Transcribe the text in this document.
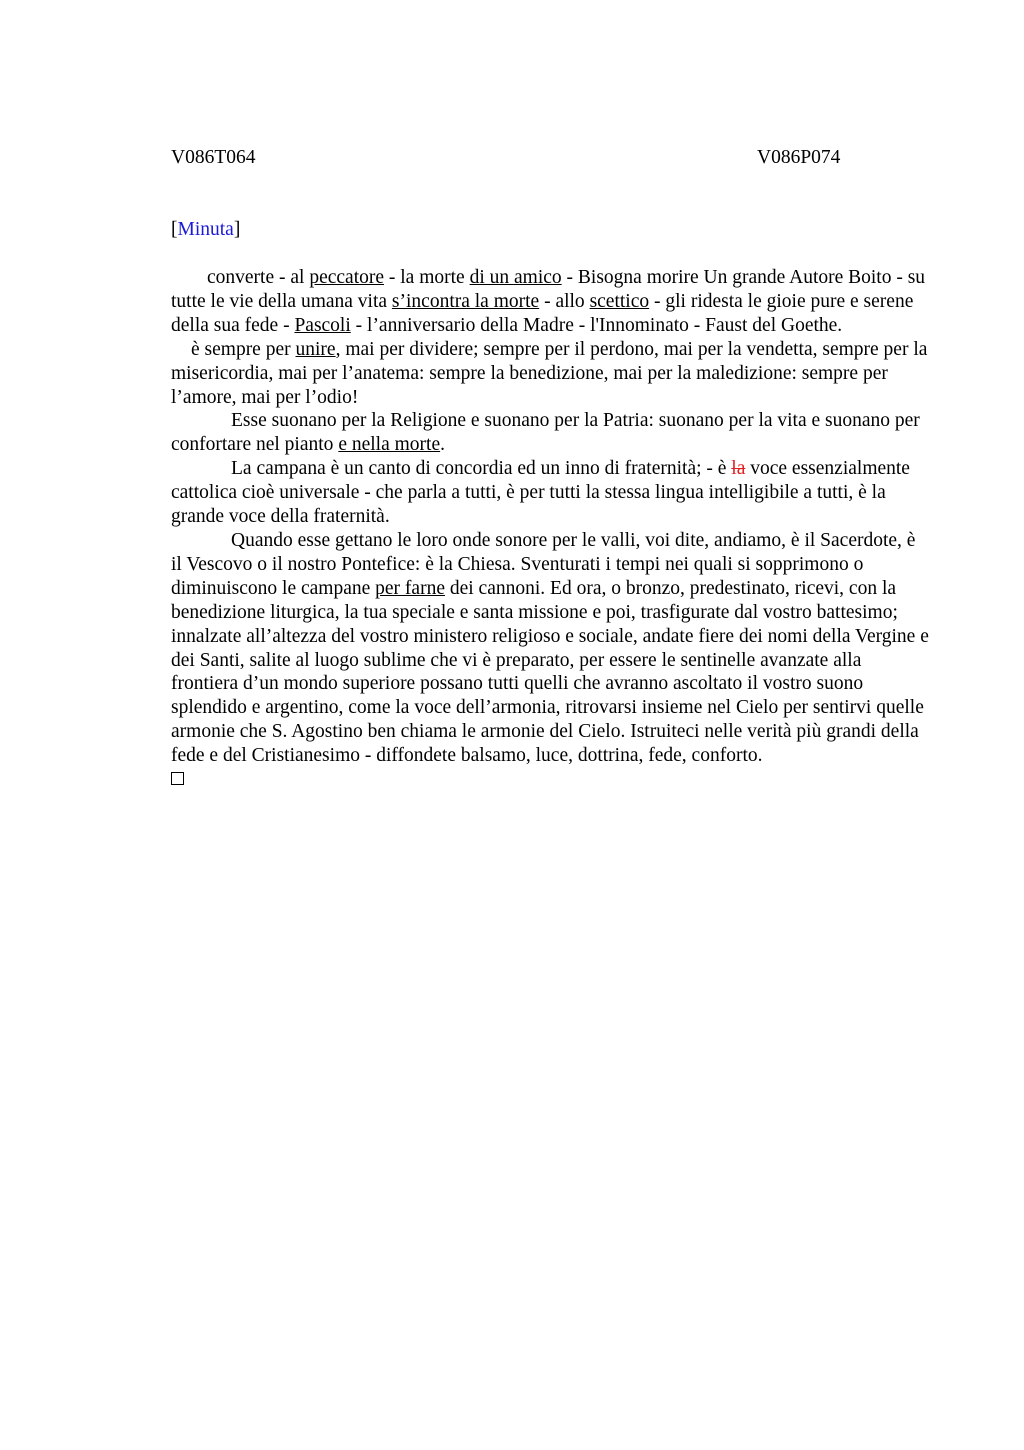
V086T064	V086P074
[Minuta]

converte - al peccatore - la morte di un amico - Bisogna morire Un grande Autore Boito - su tutte le vie della umana vita s’incontra la morte - allo scettico - gli ridesta le gioie pure e serene della sua fede - Pascoli - l’anniversario della Madre - l'Innominato - Faust del Goethe.

è sempre per unire, mai per dividere; sempre per il perdono, mai per la vendetta, sempre per la misericordia, mai per l’anatema: sempre la benedizione, mai per la maledizione: sempre per l’amore, mai per l’odio!

Esse suonano per la Religione e suonano per la Patria: suonano per la vita e suonano per confortare nel pianto e nella morte.

La campana è un canto di concordia ed un inno di fraternità; - è la voce essenzialmente cattolica cioè universale - che parla a tutti, è per tutti la stessa lingua intelligibile a tutti, è la grande voce della fraternità.

Quando esse gettano le loro onde sonore per le valli, voi dite, andiamo, è il Sacerdote, è il Vescovo o il nostro Pontefice: è la Chiesa. Sventurati i tempi nei quali si sopprimono o diminuiscono le campane per farne dei cannoni. Ed ora, o bronzo, predestinato, ricevi, con la benedizione liturgica, la tua speciale e santa missione e poi, trasfigurate dal vostro battesimo; innalzate all’altezza del vostro ministero religioso e sociale, andate fiere dei nomi della Vergine e dei Santi, salite al luogo sublime che vi è preparato, per essere le sentinelle avanzate alla frontiera d’un mondo superiore possano tutti quelli che avranno ascoltato il vostro suono splendido e argentino, come la voce dell’armonia, ritrovarsi insieme nel Cielo per sentirvi quelle armonie che S. Agostino ben chiama le armonie del Cielo. Istruiteci nelle verità più grandi della fede e del Cristianesimo - diffondete balsamo, luce, dottrina, fede, conforto.
